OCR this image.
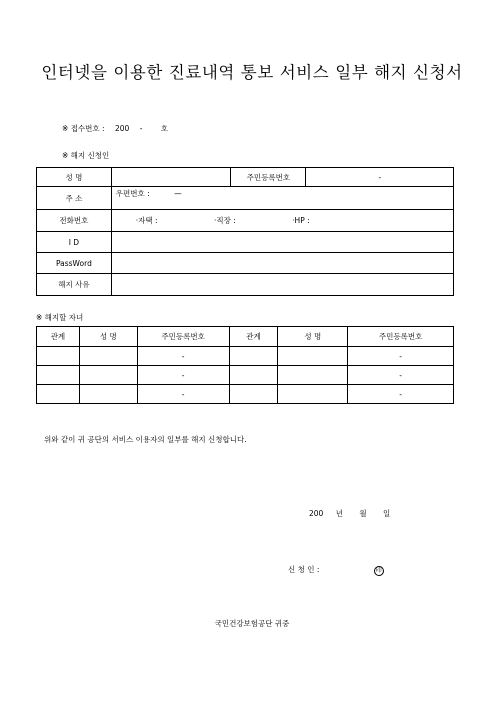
인터넷을 이용한 진료내역 통보 서비스 일부 해지 신청서
※ 접수번호 : 200 - 호
※ 해지 신청인
성 명		주민등록번호	-
주 소	우편번호 : —		
전화번호	·자택 : ·직장 : ·HP :		
I D			
PassWord			
해지 사유			
※ 해지할 자녀
관계	성 명	주민등록번호	관계	성 명	주민등록번호
		-			-
		-			-
		-			-
위와 같이 귀 공단의 서비스 이용자의 일부를 해지 신청합니다.
200 년 월 일
신 청 인 :	印
국민건강보험공단 귀중
